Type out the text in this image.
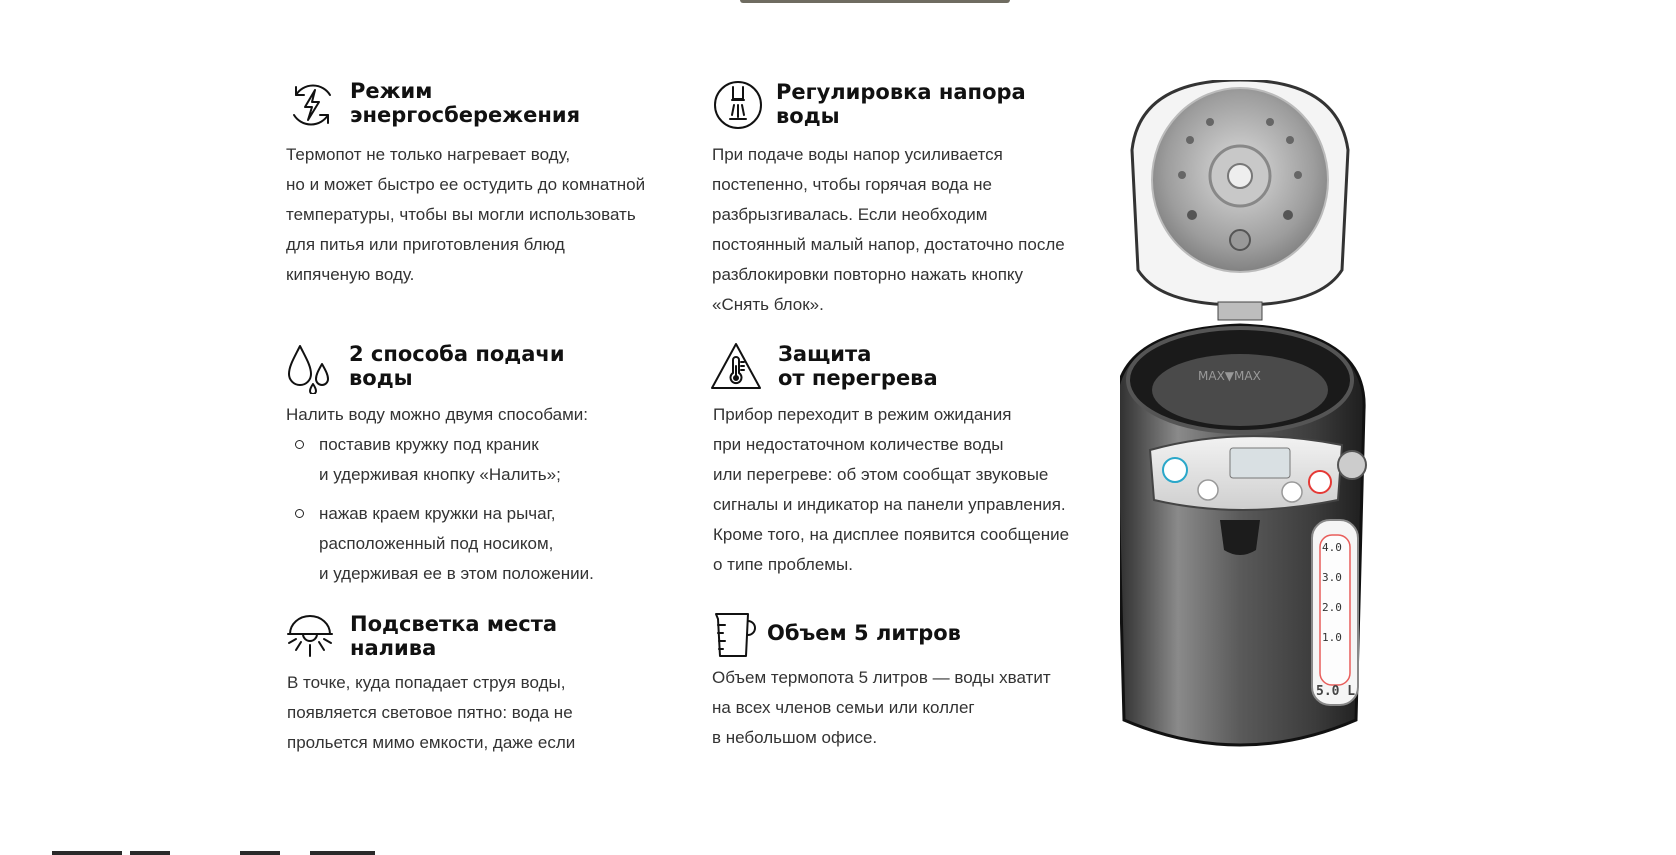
Режим
энергосбережения

Термопот не только нагревает воду,
но и может быстро ее остудить до комнатной
температуры, чтобы вы могли использовать
для питья или приготовления блюд
кипяченую воду.

Регулировка напора
воды

При подаче воды напор усиливается
постепенно, чтобы горячая вода не
разбрызгивалась. Если необходим
постоянный малый напор, достаточно после
разблокировки повторно нажать кнопку
«Снять блок».

2 способа подачи
воды

Налить воду можно двумя способами:

поставив кружку под краник
и удерживая кнопку «Налить»;
нажав краем кружки на рычаг,
расположенный под носиком,
и удерживая ее в этом положении.
Защита
от перегрева

Прибор переходит в режим ожидания
при недостаточном количестве воды
или перегреве: об этом сообщат звуковые
сигналы и индикатор на панели управления.
Кроме того, на дисплее появится сообщение
о типе проблемы.

Подсветка места
налива

В точке, куда попадает струя воды,
появляется световое пятно: вода не
прольется мимо емкости, даже если

Объем 5 литров

Объем термопота 5 литров — воды хватит
на всех членов семьи или коллег
в небольшом офисе.

MAX▼MAX
4.0
3.0
2.0
1.0
5.0 L
